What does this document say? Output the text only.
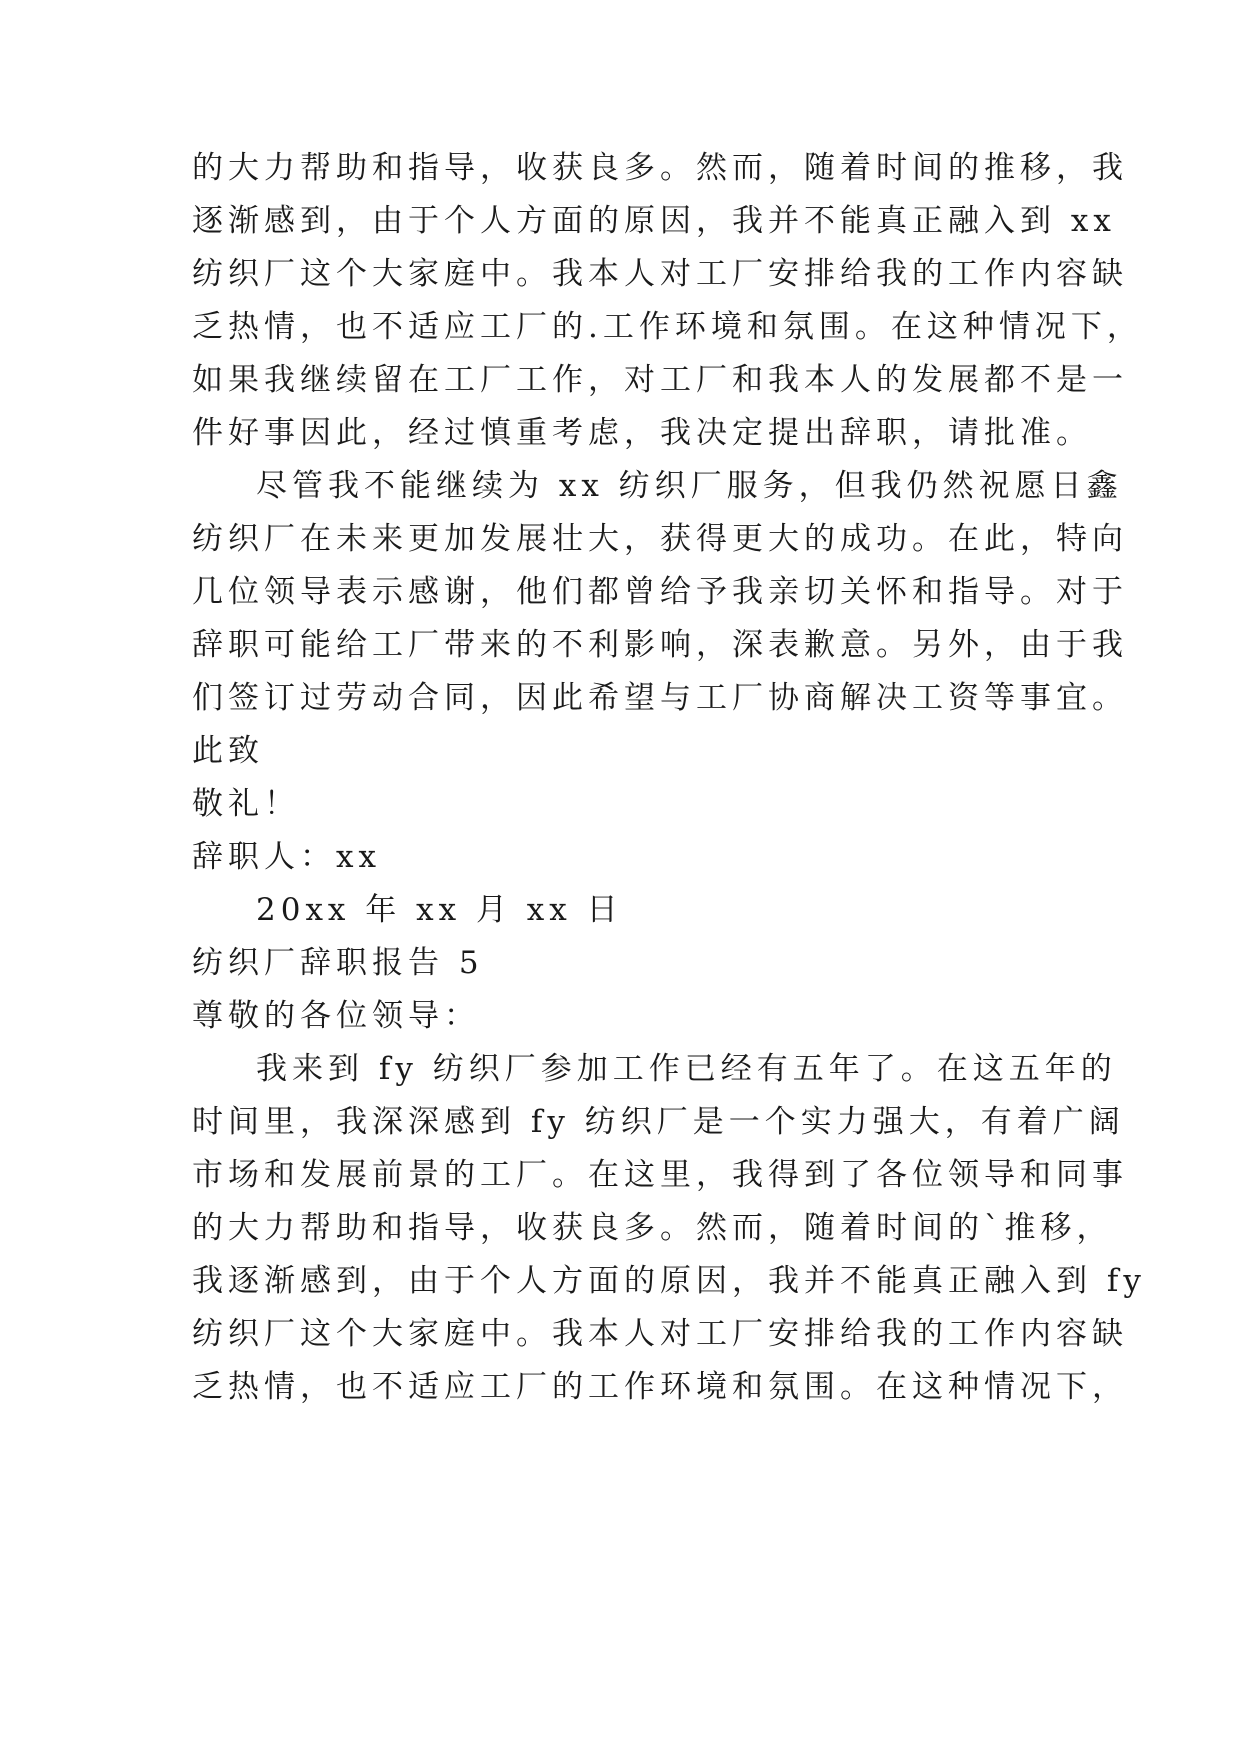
的大力帮助和指导，收获良多。然而，随着时间的推移，我

逐渐感到，由于个人方面的原因，我并不能真正融入到 xx

纺织厂这个大家庭中。我本人对工厂安排给我的工作内容缺

乏热情，也不适应工厂的.工作环境和氛围。在这种情况下，

如果我继续留在工厂工作，对工厂和我本人的发展都不是一

件好事因此，经过慎重考虑，我决定提出辞职，请批准。

尽管我不能继续为 xx 纺织厂服务，但我仍然祝愿日鑫

纺织厂在未来更加发展壮大，获得更大的成功。在此，特向

几位领导表示感谢，他们都曾给予我亲切关怀和指导。对于

辞职可能给工厂带来的不利影响，深表歉意。另外，由于我

们签订过劳动合同，因此希望与工厂协商解决工资等事宜。

此致

敬礼！

辞职人：xx

20xx 年 xx 月 xx 日

纺织厂辞职报告 5

尊敬的各位领导：

我来到 fy 纺织厂参加工作已经有五年了。在这五年的

时间里，我深深感到 fy 纺织厂是一个实力强大，有着广阔

市场和发展前景的工厂。在这里，我得到了各位领导和同事

的大力帮助和指导，收获良多。然而，随着时间的`推移，

我逐渐感到，由于个人方面的原因，我并不能真正融入到 fy

纺织厂这个大家庭中。我本人对工厂安排给我的工作内容缺

乏热情，也不适应工厂的工作环境和氛围。在这种情况下，
